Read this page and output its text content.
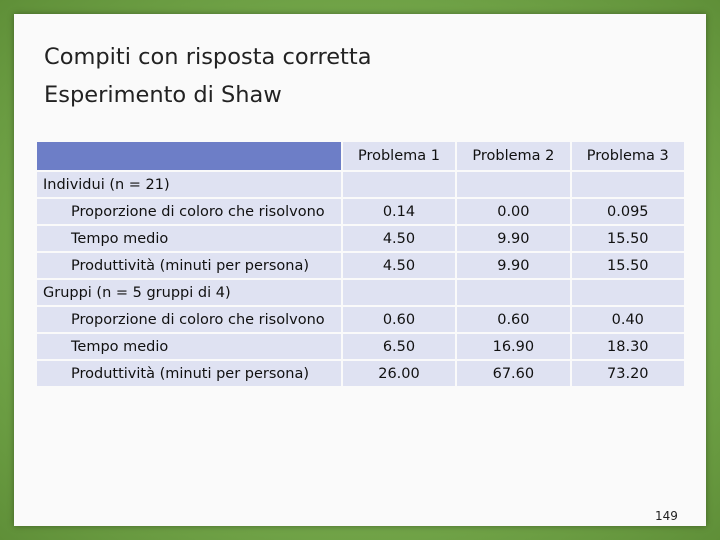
Compiti con risposta corretta
Esperimento di Shaw
	Problema 1	Problema 2	Problema 3
Individui (n = 21)			
Proporzione di coloro che risolvono	0.14	0.00	0.095
Tempo medio	4.50	9.90	15.50
Produttività (minuti per persona)	4.50	9.90	15.50
Gruppi (n = 5 gruppi di 4)			
Proporzione di coloro che risolvono	0.60	0.60	0.40
Tempo medio	6.50	16.90	18.30
Produttività (minuti per persona)	26.00	67.60	73.20
149
